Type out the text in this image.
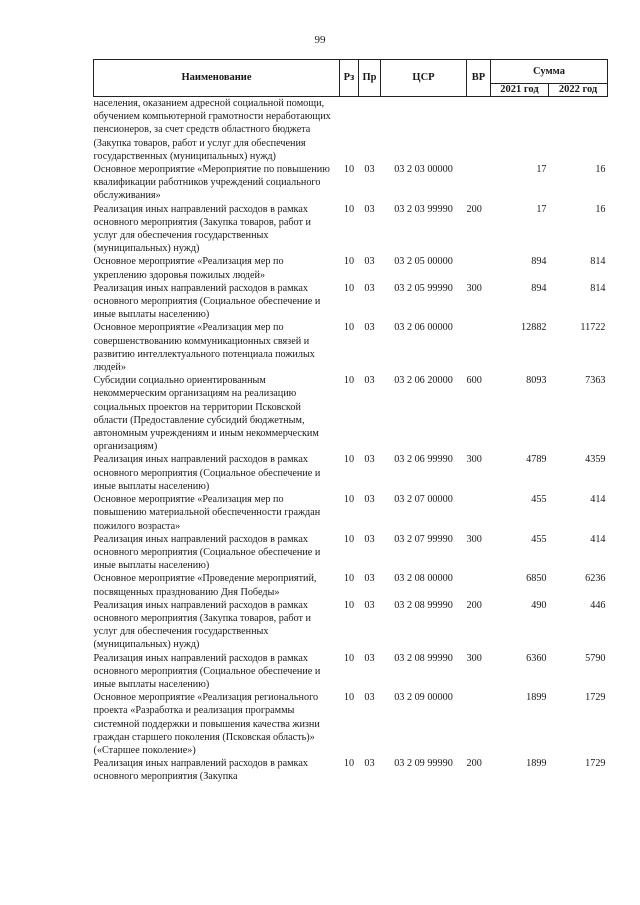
99
Наименование	Рз	Пр	ЦСР	ВР	Сумма	
					2021 год	2022 год
населения, оказанием адресной социальной помощи, обучением компьютерной грамотности неработающих пенсионеров, за счет средств областного бюджета (Закупка товаров, работ и услуг для обеспечения государственных (муниципальных) нужд)						
Основное мероприятие «Мероприятие по повышению квалификации работников учреждений социального обслуживания»	10	03	03 2 03 00000		17	16
Реализация иных направлений расходов в рамках основного мероприятия (Закупка товаров, работ и услуг для обеспечения государственных (муниципальных) нужд)	10	03	03 2 03 99990	200	17	16
Основное мероприятие «Реализация мер по укреплению здоровья пожилых людей»	10	03	03 2 05 00000		894	814
Реализация иных направлений расходов в рамках основного мероприятия (Социальное обеспечение и иные выплаты населению)	10	03	03 2 05 99990	300	894	814
Основное мероприятие «Реализация мер по совершенствованию коммуникационных связей и развитию интеллектуального потенциала пожилых людей»	10	03	03 2 06 00000		12882	11722
Субсидии социально ориентированным некоммерческим организациям на реализацию социальных проектов на территории Псковской области (Предоставление субсидий бюджетным, автономным учреждениям и иным некоммерческим организациям)	10	03	03 2 06 20000	600	8093	7363
Реализация иных направлений расходов в рамках основного мероприятия (Социальное обеспечение и иные выплаты населению)	10	03	03 2 06 99990	300	4789	4359
Основное мероприятие «Реализация мер по повышению материальной обеспеченности граждан пожилого возраста»	10	03	03 2 07 00000		455	414
Реализация иных направлений расходов в рамках основного мероприятия (Социальное обеспечение и иные выплаты населению)	10	03	03 2 07 99990	300	455	414
Основное мероприятие «Проведение мероприятий, посвященных празднованию Дня Победы»	10	03	03 2 08 00000		6850	6236
Реализация иных направлений расходов в рамках основного мероприятия (Закупка товаров, работ и услуг для обеспечения государственных (муниципальных) нужд)	10	03	03 2 08 99990	200	490	446
Реализация иных направлений расходов в рамках основного мероприятия (Социальное обеспечение и иные выплаты населению)	10	03	03 2 08 99990	300	6360	5790
Основное мероприятие «Реализация регионального проекта «Разработка и реализация программы системной поддержки и повышения качества жизни граждан старшего поколения (Псковская область)» («Старшее поколение»)	10	03	03 2 09 00000		1899	1729
Реализация иных направлений расходов в рамках основного мероприятия (Закупка	10	03	03 2 09 99990	200	1899	1729
